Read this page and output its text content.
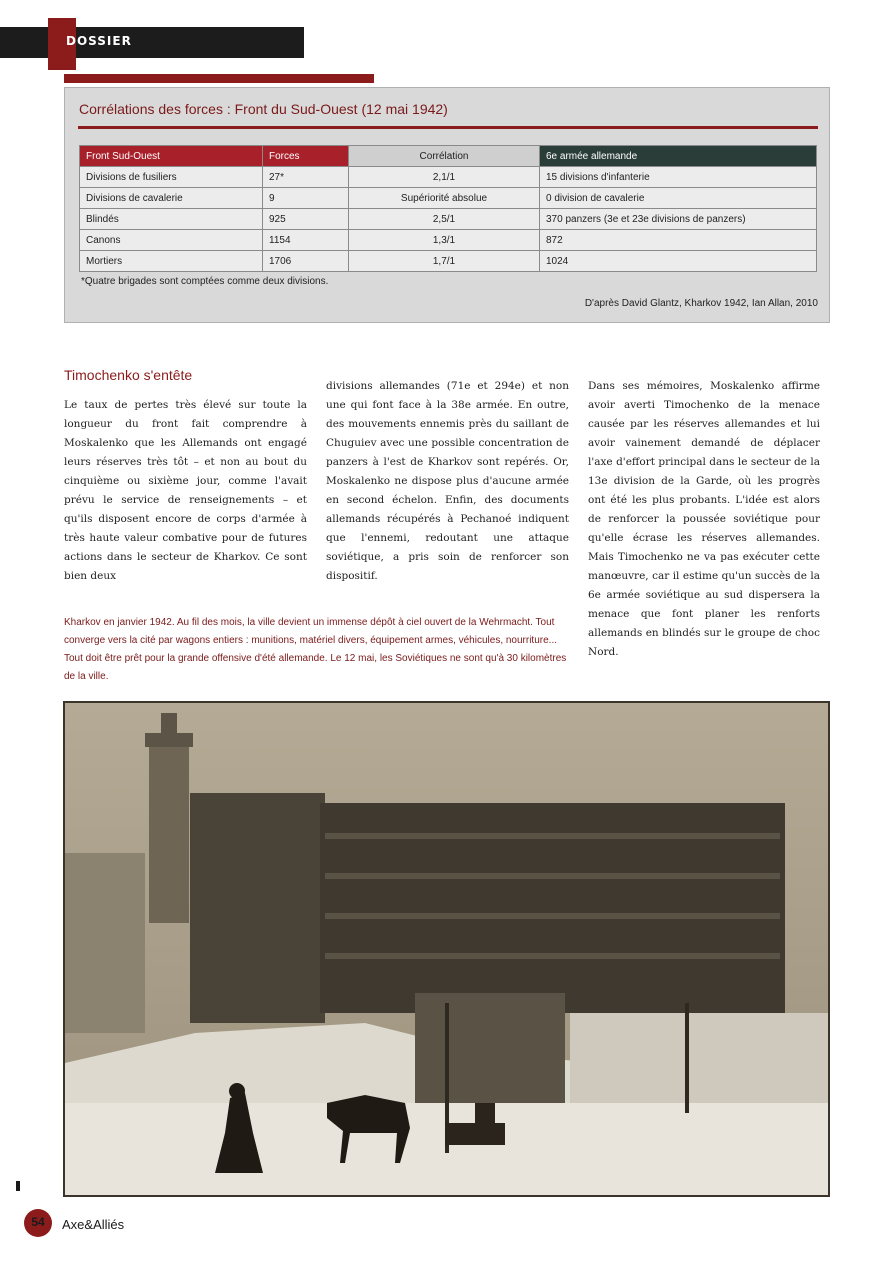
DOSSIER
Corrélations des forces : Front du Sud-Ouest (12 mai 1942)
Front Sud-Ouest	Forces	Corrélation	6e armée allemande
Divisions de fusiliers	27*	2,1/1	15 divisions d'infanterie
Divisions de cavalerie	9	Supériorité absolue	0 division de cavalerie
Blindés	925	2,5/1	370 panzers (3e et 23e divisions de panzers)
Canons	1154	1,3/1	872
Mortiers	1706	1,7/1	1024
*Quatre brigades sont comptées comme deux divisions.
D'après David Glantz, Kharkov 1942, Ian Allan, 2010
Timochenko s'entête
Le taux de pertes très élevé sur toute la longueur du front fait comprendre à Moskalenko que les Allemands ont engagé leurs réserves très tôt – et non au bout du cinquième ou sixième jour, comme l'avait prévu le service de renseignements – et qu'ils disposent encore de corps d'armée à très haute valeur combative pour de futures actions dans le secteur de Kharkov. Ce sont bien deux
divisions allemandes (71e et 294e) et non une qui font face à la 38e armée. En outre, des mouvements ennemis près du saillant de Chuguiev avec une possible concentration de panzers à l'est de Kharkov sont repérés. Or, Moskalenko ne dispose plus d'aucune armée en second échelon. Enfin, des documents allemands récupérés à Pechanoé indiquent que l'ennemi, redoutant une attaque soviétique, a pris soin de renforcer son dispositif.
Dans ses mémoires, Moskalenko affirme avoir averti Timochenko de la menace causée par les réserves allemandes et lui avoir vainement demandé de déplacer l'axe d'effort principal dans le secteur de la 13e division de la Garde, où les progrès ont été les plus probants. L'idée est alors de renforcer la poussée soviétique pour qu'elle écrase les réserves allemandes. Mais Timochenko ne va pas exécuter cette manœuvre, car il estime qu'un succès de la 6e armée soviétique au sud dispersera la menace que font planer les renforts allemands en blindés sur le groupe de choc Nord.
Kharkov en janvier 1942. Au fil des mois, la ville devient un immense dépôt à ciel ouvert de la Wehrmacht. Tout converge vers la cité par wagons entiers : munitions, matériel divers, équipement armes, véhicules, nourriture... Tout doit être prêt pour la grande offensive d'été allemande. Le 12 mai, les Soviétiques ne sont qu'à 30 kilomètres de la ville.
54	Axe&Alliés
